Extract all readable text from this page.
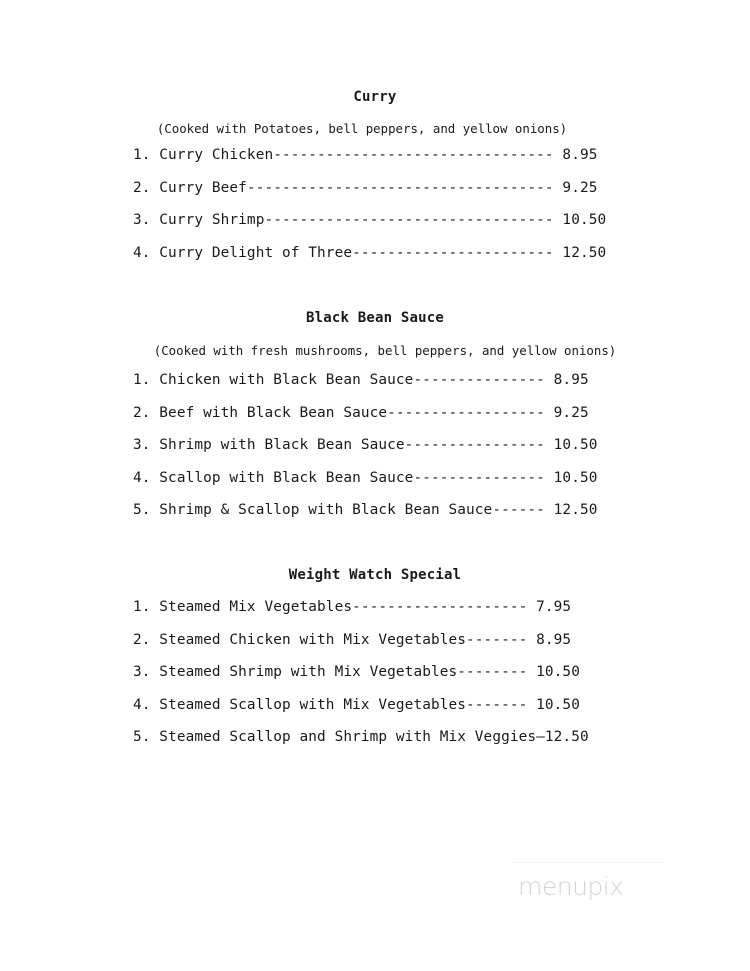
Curry
(Cooked with Potatoes, bell peppers, and yellow onions)
1. Curry Chicken-------------------------------- 8.95
2. Curry Beef----------------------------------- 9.25
3. Curry Shrimp--------------------------------- 10.50
4. Curry Delight of Three----------------------- 12.50
Black Bean Sauce
(Cooked with fresh mushrooms, bell peppers, and yellow onions)
1. Chicken with Black Bean Sauce--------------- 8.95
2. Beef with Black Bean Sauce------------------ 9.25
3. Shrimp with Black Bean Sauce---------------- 10.50
4. Scallop with Black Bean Sauce--------------- 10.50
5. Shrimp & Scallop with Black Bean Sauce------ 12.50
Weight Watch Special
1. Steamed Mix Vegetables-------------------- 7.95
2. Steamed Chicken with Mix Vegetables------- 8.95
3. Steamed Shrimp with Mix Vegetables-------- 10.50
4. Steamed Scallop with Mix Vegetables------- 10.50
5. Steamed Scallop and Shrimp with Mix Veggies—12.50
menupix
